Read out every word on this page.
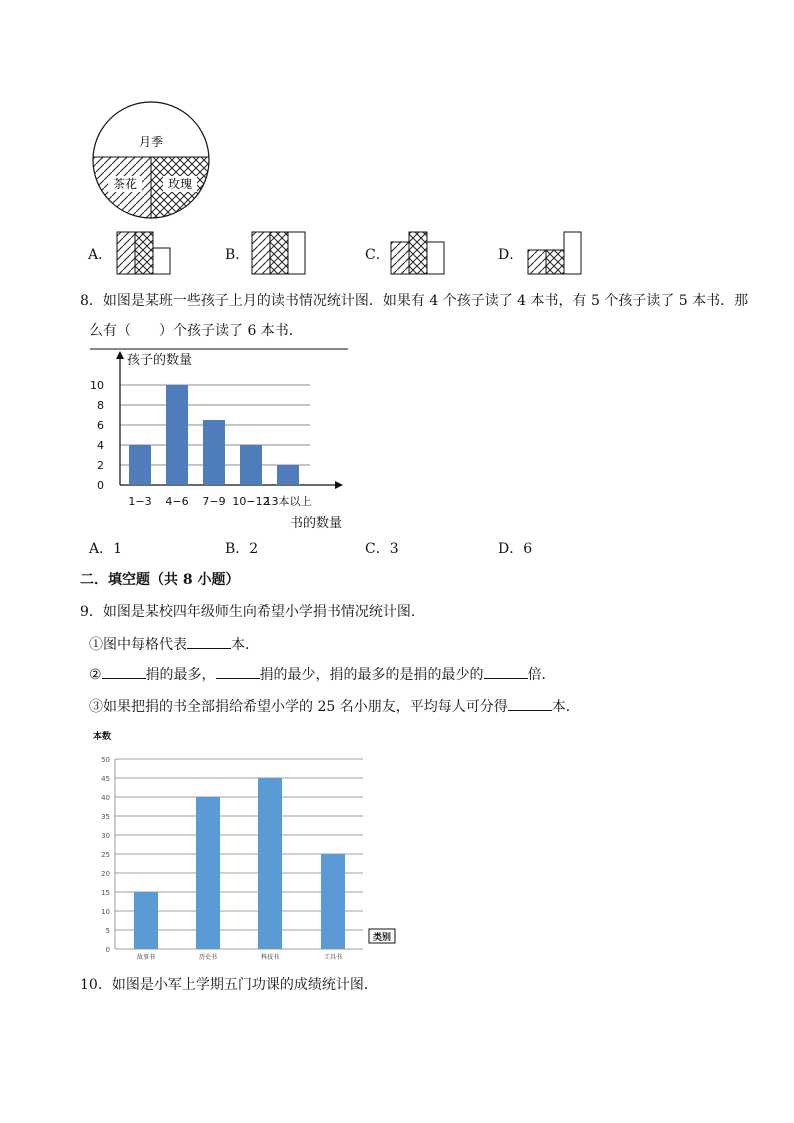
月季
茶花	玫瑰
A．	B．	C．	D．
8．如图是某班一些孩子上月的读书情况统计图．如果有 4 个孩子读了 4 本书，有 5 个孩子读了 5 本书．那
么有（　　）个孩子读了 6 本书．
孩子的数量
0
2
4
6
8
10
1−3 4−6 7−9 10−12
13本以上
书的数量
A．1	B．2	C．3	D．6
二．填空题（共 8 小题）
9．如图是某校四年级师生向希望小学捐书情况统计图．
①图中每格代表	本．
②	捐的最多，	捐的最少，捐的最多的是捐的最少的	倍．
③如果把捐的书全部捐给希望小学的 25 名小朋友，平均每人可分得	本．
本数
0
5
10
15
20
25
30
35
40
45
50
故事书	历史书	科技书	工具书
类别
10．如图是小军上学期五门功课的成绩统计图．
